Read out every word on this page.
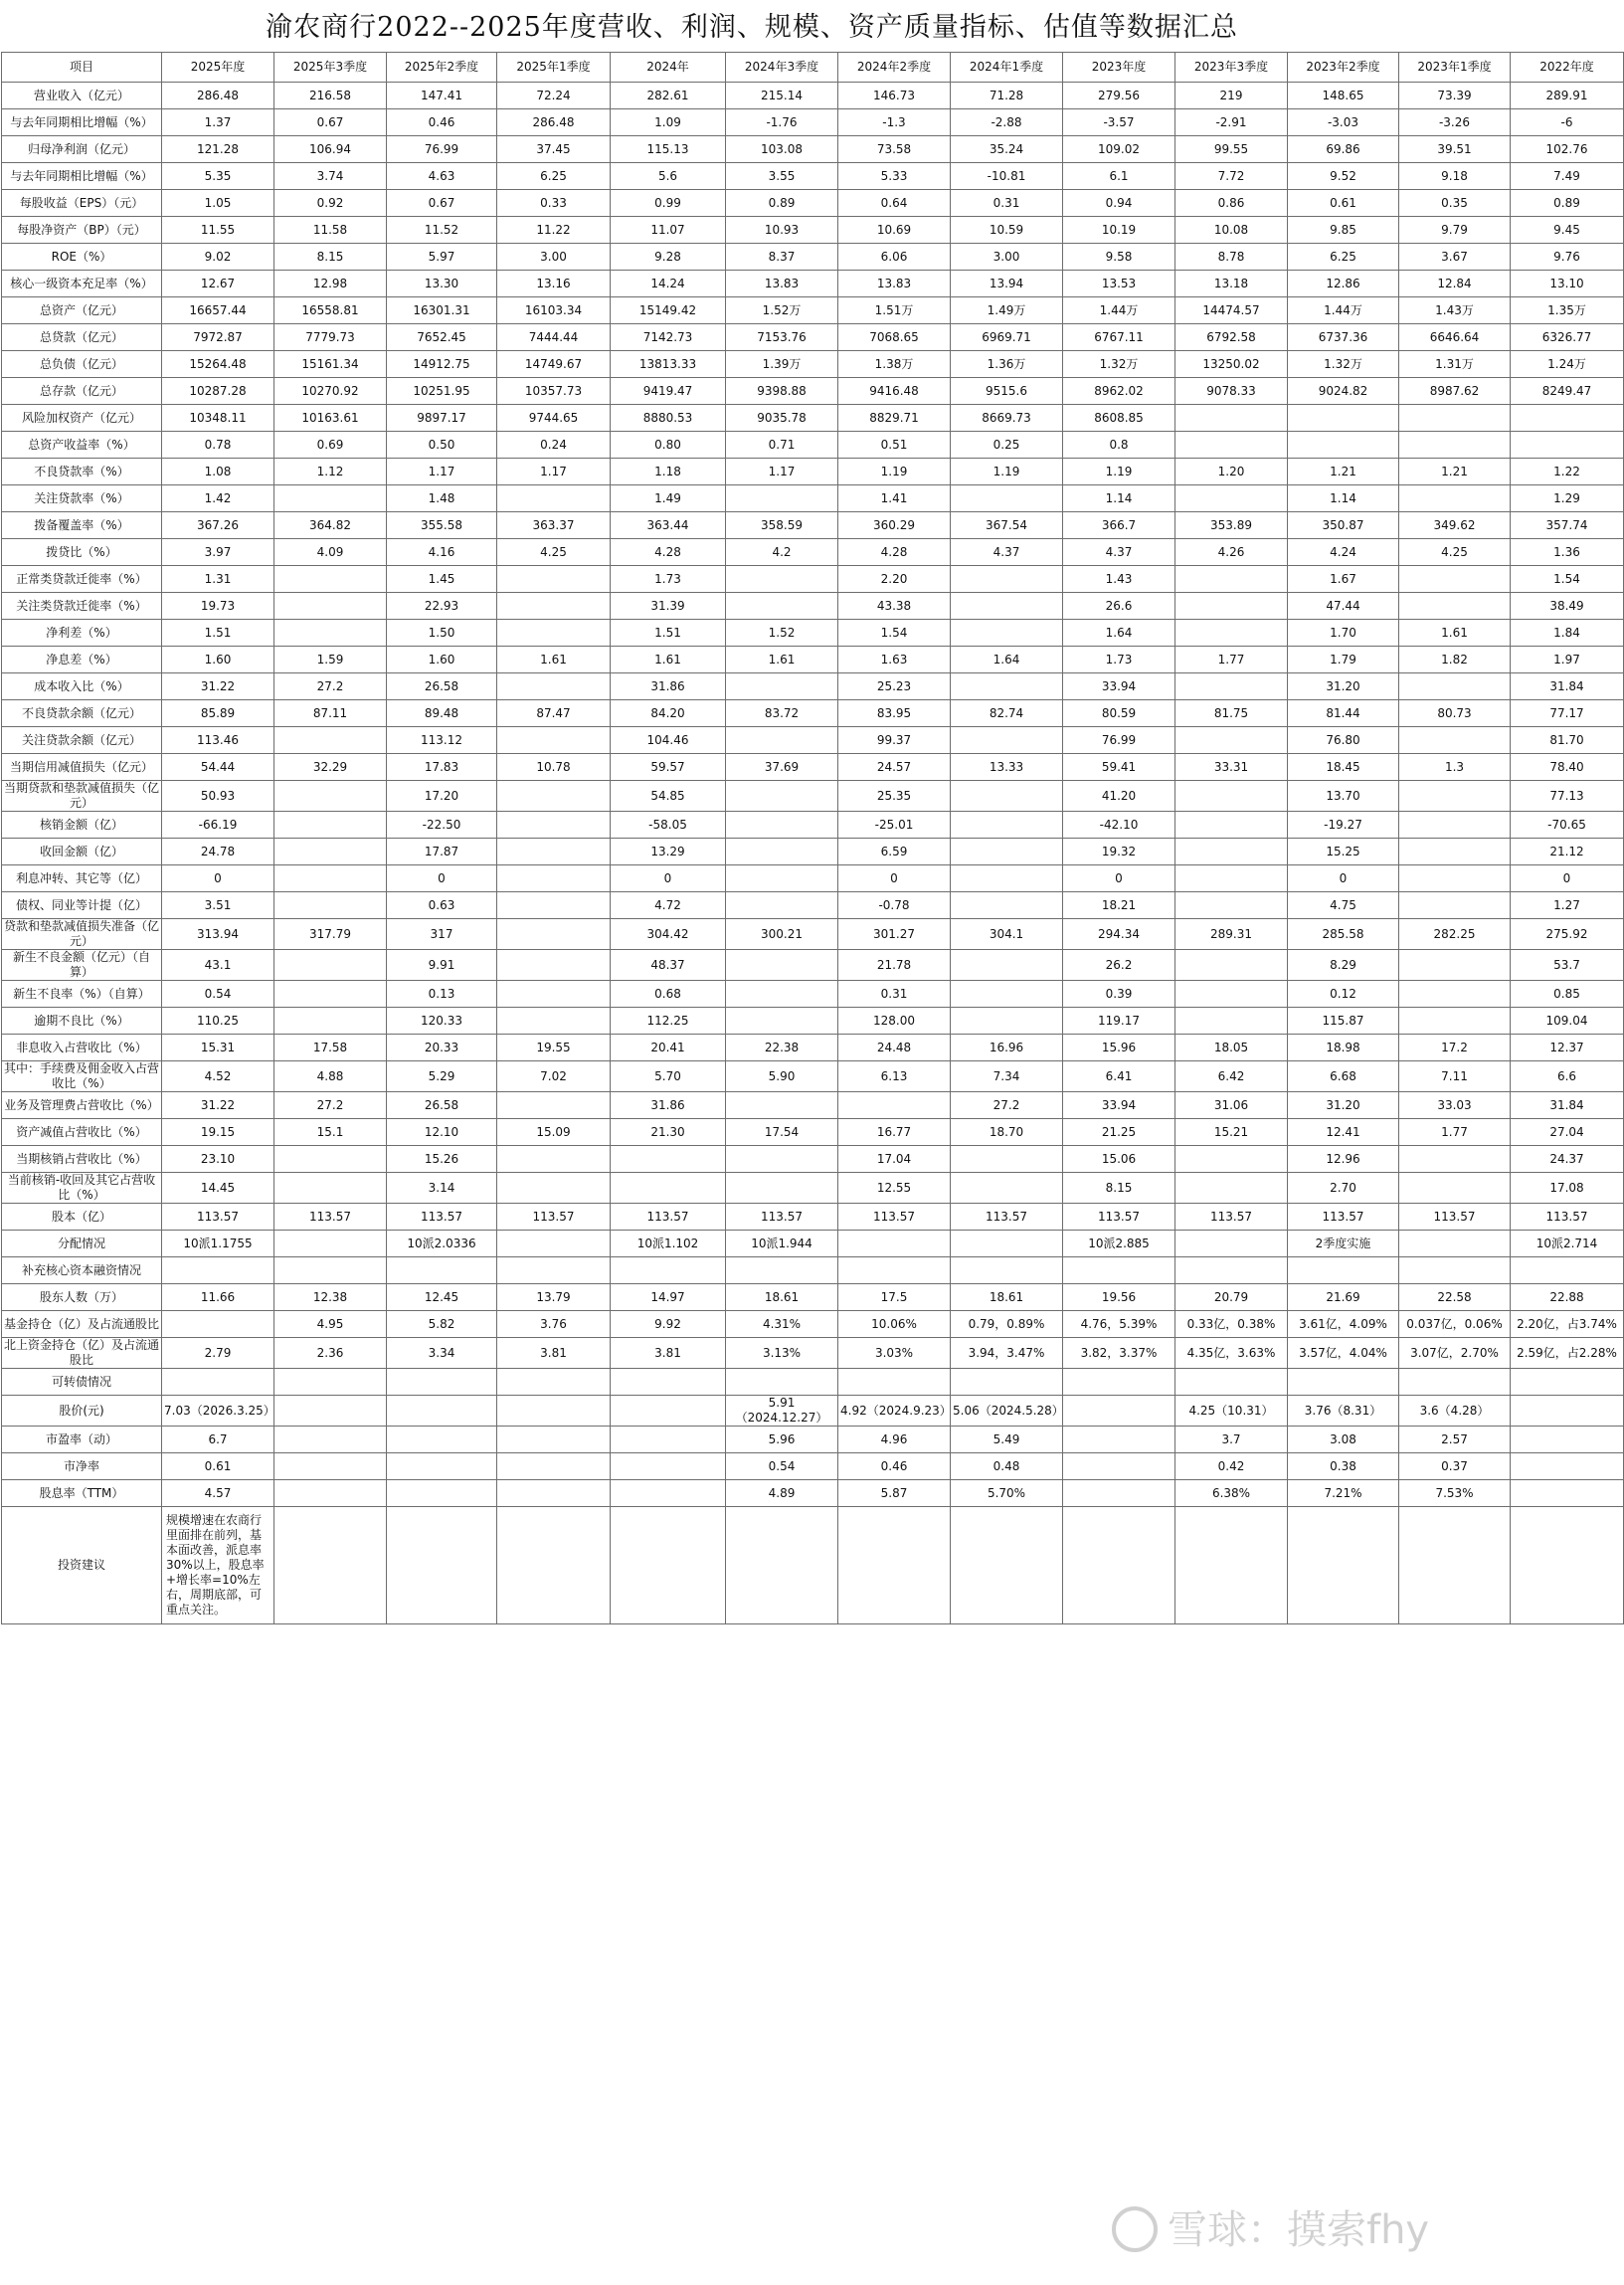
渝农商行2022--2025年度营收、利润、规模、资产质量指标、估值等数据汇总
项目	2025年度	2025年3季度	2025年2季度	2025年1季度	2024年	2024年3季度	2024年2季度	2024年1季度	2023年度	2023年3季度	2023年2季度	2023年1季度	2022年度
营业收入（亿元）	286.48	216.58	147.41	72.24	282.61	215.14	146.73	71.28	279.56	219	148.65	73.39	289.91
与去年同期相比增幅（%）	1.37	0.67	0.46	286.48	1.09	-1.76	-1.3	-2.88	-3.57	-2.91	-3.03	-3.26	-6
归母净利润（亿元）	121.28	106.94	76.99	37.45	115.13	103.08	73.58	35.24	109.02	99.55	69.86	39.51	102.76
与去年同期相比增幅（%）	5.35	3.74	4.63	6.25	5.6	3.55	5.33	-10.81	6.1	7.72	9.52	9.18	7.49
每股收益（EPS）（元）	1.05	0.92	0.67	0.33	0.99	0.89	0.64	0.31	0.94	0.86	0.61	0.35	0.89
每股净资产（BP）（元）	11.55	11.58	11.52	11.22	11.07	10.93	10.69	10.59	10.19	10.08	9.85	9.79	9.45
ROE（%）	9.02	8.15	5.97	3.00	9.28	8.37	6.06	3.00	9.58	8.78	6.25	3.67	9.76
核心一级资本充足率（%）	12.67	12.98	13.30	13.16	14.24	13.83	13.83	13.94	13.53	13.18	12.86	12.84	13.10
总资产（亿元）	16657.44	16558.81	16301.31	16103.34	15149.42	1.52万	1.51万	1.49万	1.44万	14474.57	1.44万	1.43万	1.35万
总贷款（亿元）	7972.87	7779.73	7652.45	7444.44	7142.73	7153.76	7068.65	6969.71	6767.11	6792.58	6737.36	6646.64	6326.77
总负债（亿元）	15264.48	15161.34	14912.75	14749.67	13813.33	1.39万	1.38万	1.36万	1.32万	13250.02	1.32万	1.31万	1.24万
总存款（亿元）	10287.28	10270.92	10251.95	10357.73	9419.47	9398.88	9416.48	9515.6	8962.02	9078.33	9024.82	8987.62	8249.47
风险加权资产（亿元）	10348.11	10163.61	9897.17	9744.65	8880.53	9035.78	8829.71	8669.73	8608.85				
总资产收益率（%）	0.78	0.69	0.50	0.24	0.80	0.71	0.51	0.25	0.8				
不良贷款率（%）	1.08	1.12	1.17	1.17	1.18	1.17	1.19	1.19	1.19	1.20	1.21	1.21	1.22
关注贷款率（%）	1.42		1.48		1.49		1.41		1.14		1.14		1.29
拨备覆盖率（%）	367.26	364.82	355.58	363.37	363.44	358.59	360.29	367.54	366.7	353.89	350.87	349.62	357.74
拨贷比（%）	3.97	4.09	4.16	4.25	4.28	4.2	4.28	4.37	4.37	4.26	4.24	4.25	1.36
正常类贷款迁徙率（%）	1.31		1.45		1.73		2.20		1.43		1.67		1.54
关注类贷款迁徙率（%）	19.73		22.93		31.39		43.38		26.6		47.44		38.49
净利差（%）	1.51		1.50		1.51	1.52	1.54		1.64		1.70	1.61	1.84
净息差（%）	1.60	1.59	1.60	1.61	1.61	1.61	1.63	1.64	1.73	1.77	1.79	1.82	1.97
成本收入比（%）	31.22	27.2	26.58		31.86		25.23		33.94		31.20		31.84
不良贷款余额（亿元）	85.89	87.11	89.48	87.47	84.20	83.72	83.95	82.74	80.59	81.75	81.44	80.73	77.17
关注贷款余额（亿元）	113.46		113.12		104.46		99.37		76.99		76.80		81.70
当期信用减值损失（亿元）	54.44	32.29	17.83	10.78	59.57	37.69	24.57	13.33	59.41	33.31	18.45	1.3	78.40
当期贷款和垫款减值损失（亿元）	50.93		17.20		54.85		25.35		41.20		13.70		77.13
核销金额（亿）	-66.19		-22.50		-58.05		-25.01		-42.10		-19.27		-70.65
收回金额（亿）	24.78		17.87		13.29		6.59		19.32		15.25		21.12
利息冲转、其它等（亿）	0		0		0		0		0		0		0
债权、同业等计提（亿）	3.51		0.63		4.72		-0.78		18.21		4.75		1.27
贷款和垫款减值损失准备（亿元）	313.94	317.79	317		304.42	300.21	301.27	304.1	294.34	289.31	285.58	282.25	275.92
新生不良金额（亿元）（自算）	43.1		9.91		48.37		21.78		26.2		8.29		53.7
新生不良率（%）（自算）	0.54		0.13		0.68		0.31		0.39		0.12		0.85
逾期不良比（%）	110.25		120.33		112.25		128.00		119.17		115.87		109.04
非息收入占营收比（%）	15.31	17.58	20.33	19.55	20.41	22.38	24.48	16.96	15.96	18.05	18.98	17.2	12.37
其中：手续费及佣金收入占营收比（%）	4.52	4.88	5.29	7.02	5.70	5.90	6.13	7.34	6.41	6.42	6.68	7.11	6.6
业务及管理费占营收比（%）	31.22	27.2	26.58		31.86			27.2	33.94	31.06	31.20	33.03	31.84
资产减值占营收比（%）	19.15	15.1	12.10	15.09	21.30	17.54	16.77	18.70	21.25	15.21	12.41	1.77	27.04
当期核销占营收比（%）	23.10		15.26				17.04		15.06		12.96		24.37
当前核销-收回及其它占营收比（%）	14.45		3.14				12.55		8.15		2.70		17.08
股本（亿）	113.57	113.57	113.57	113.57	113.57	113.57	113.57	113.57	113.57	113.57	113.57	113.57	113.57
分配情况	10派1.1755		10派2.0336		10派1.102	10派1.944			10派2.885		2季度实施		10派2.714
补充核心资本融资情况													
股东人数（万）	11.66	12.38	12.45	13.79	14.97	18.61	17.5	18.61	19.56	20.79	21.69	22.58	22.88
基金持仓（亿）及占流通股比		4.95	5.82	3.76	9.92	4.31%	10.06%	0.79，0.89%	4.76，5.39%	0.33亿，0.38%	3.61亿，4.09%	0.037亿，0.06%	2.20亿，占3.74%
北上资金持仓（亿）及占流通股比	2.79	2.36	3.34	3.81	3.81	3.13%	3.03%	3.94，3.47%	3.82，3.37%	4.35亿，3.63%	3.57亿，4.04%	3.07亿，2.70%	2.59亿，占2.28%
可转债情况													
股价(元)	7.03（2026.3.25）					5.91（2024.12.27）	4.92（2024.9.23）	5.06（2024.5.28）		4.25（10.31）	3.76（8.31）	3.6（4.28）	
市盈率（动）	6.7					5.96	4.96	5.49		3.7	3.08	2.57	
市净率	0.61					0.54	0.46	0.48		0.42	0.38	0.37	
股息率（TTM）	4.57					4.89	5.87	5.70%		6.38%	7.21%	7.53%	
投资建议	规模增速在农商行里面排在前列，基本面改善，派息率30%以上，股息率+增长率=10%左右，周期底部，可重点关注。												
雪球：摸索fhy
